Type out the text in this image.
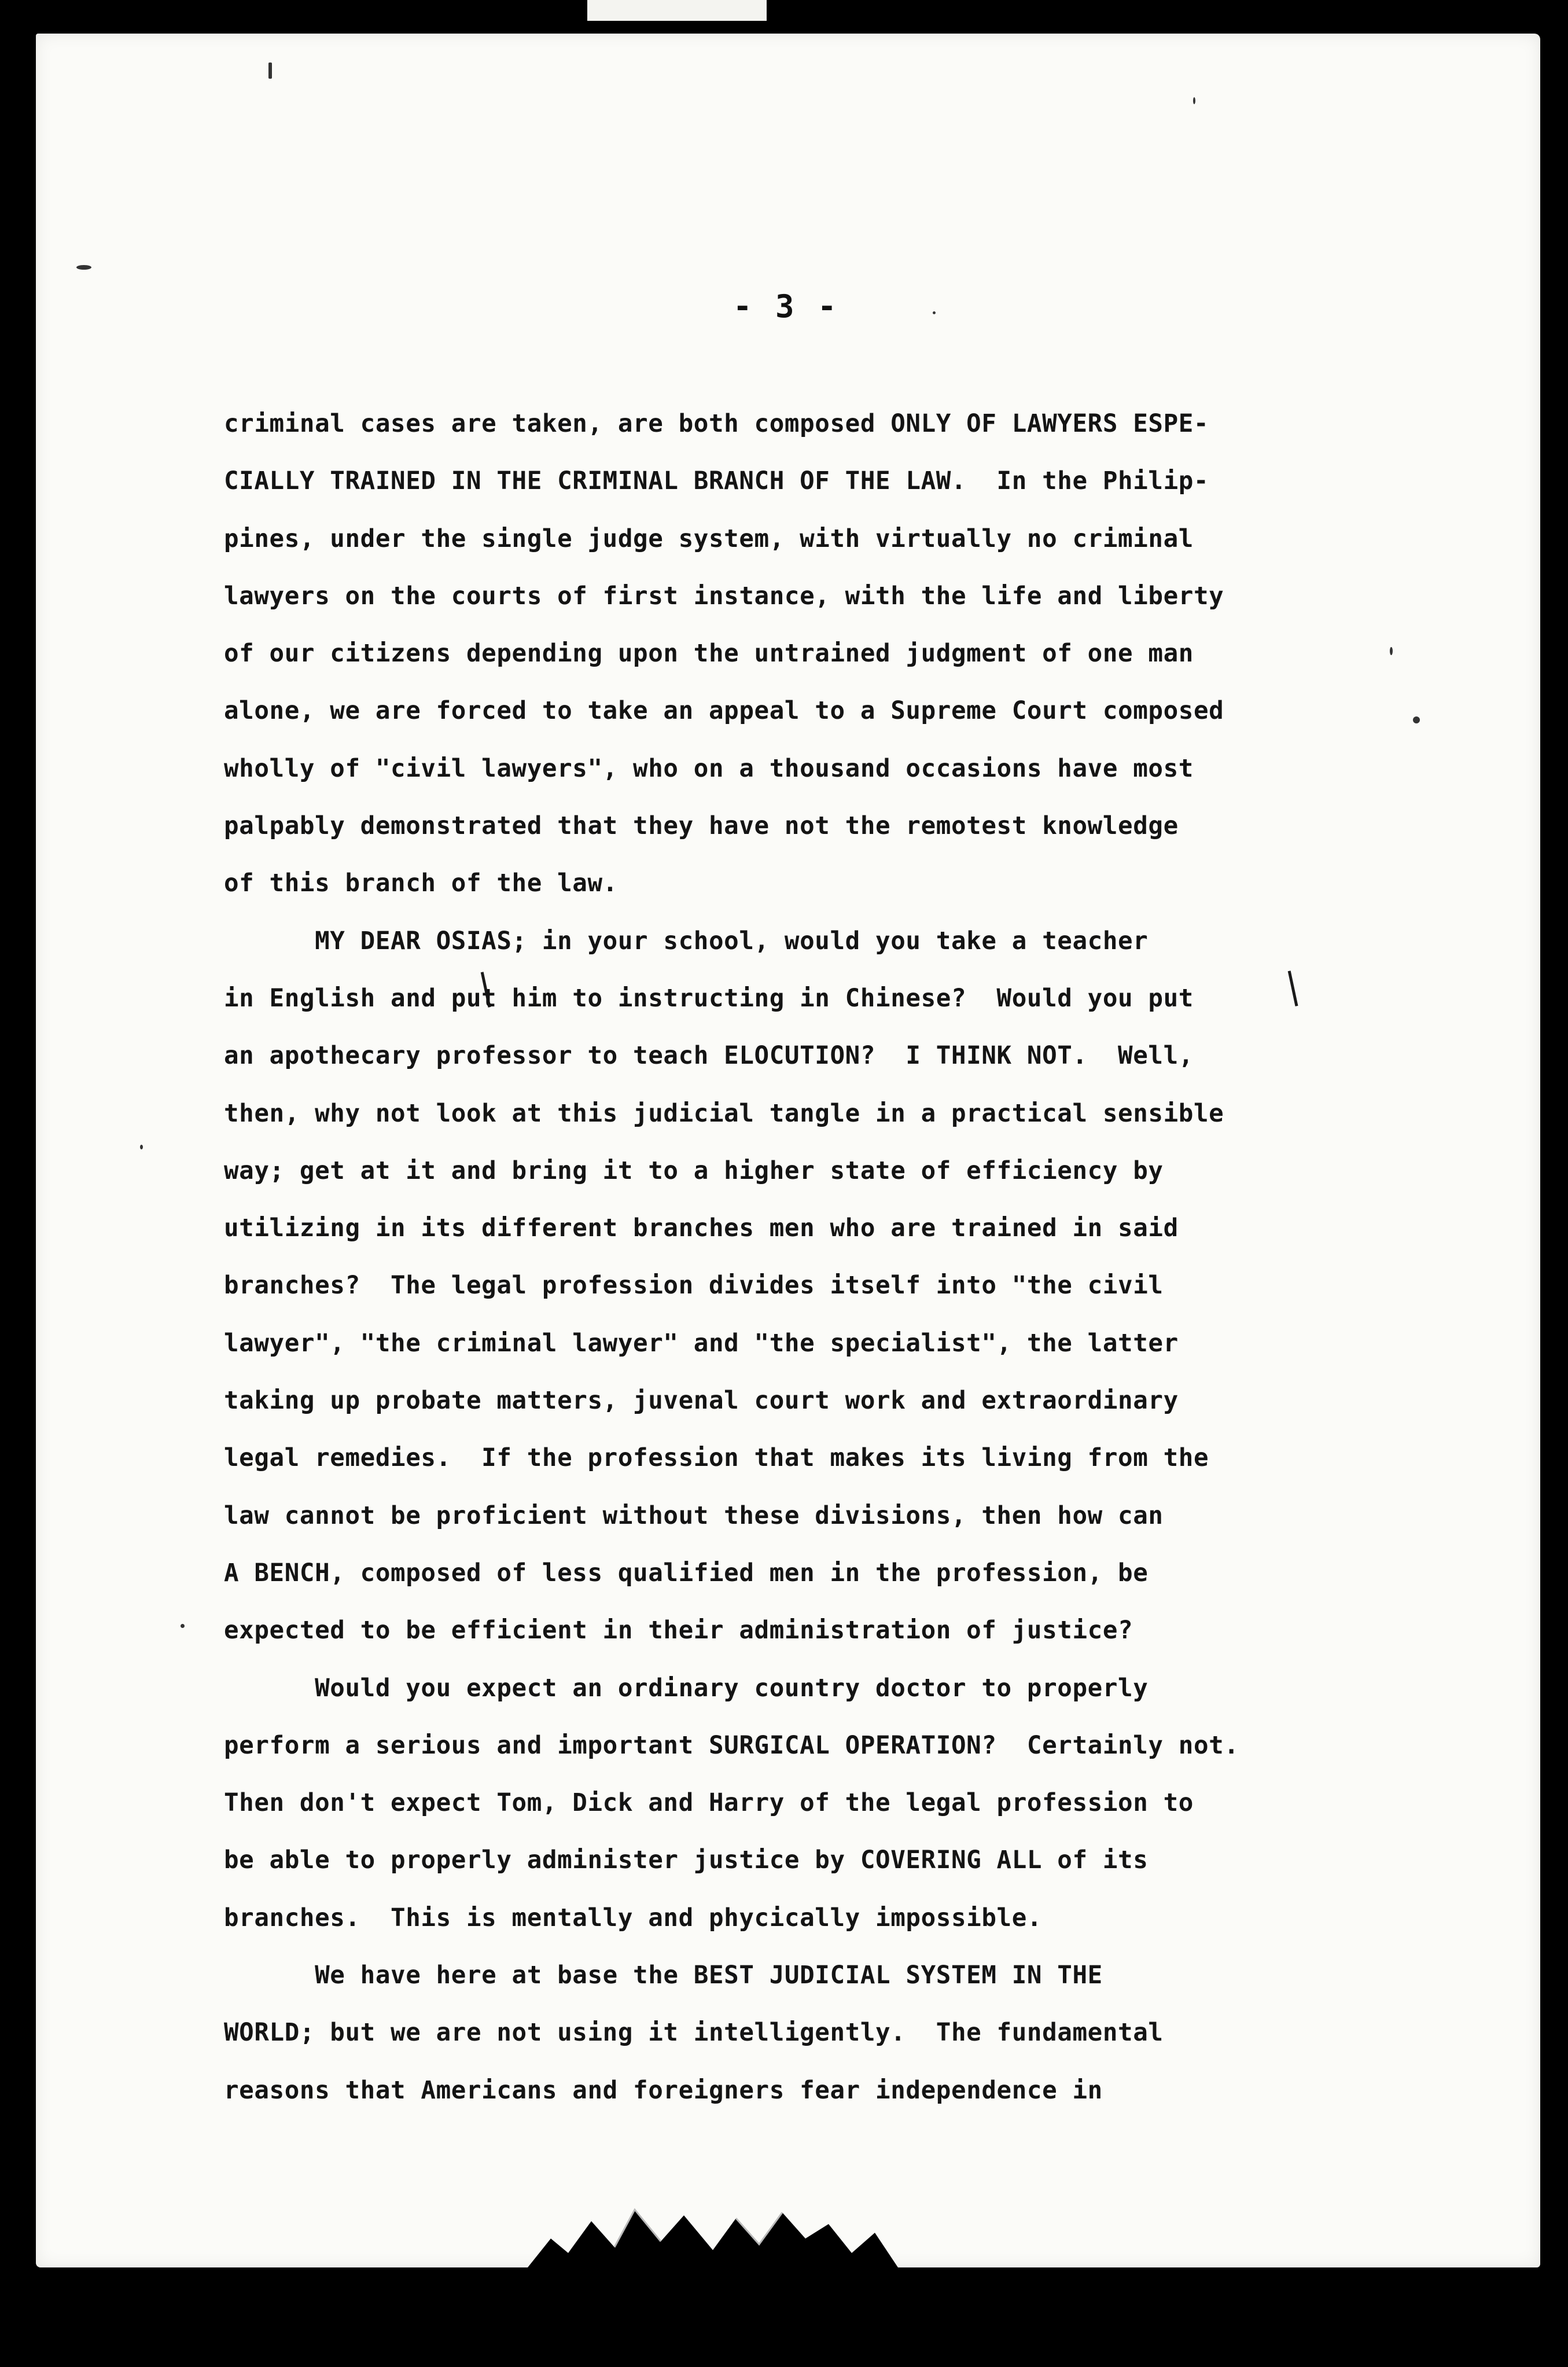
- 3 -
criminal cases are taken, are both composed ONLY OF LAWYERS ESPE-
CIALLY TRAINED IN THE CRIMINAL BRANCH OF THE LAW.  In the Philip-
pines, under the single judge system, with virtually no criminal
lawyers on the courts of first instance, with the life and liberty
of our citizens depending upon the untrained judgment of one man
alone, we are forced to take an appeal to a Supreme Court composed
wholly of "civil lawyers", who on a thousand occasions have most
palpably demonstrated that they have not the remotest knowledge
of this branch of the law.
MY DEAR OSIAS; in your school, would you take a teacher
in English and put him to instructing in Chinese?  Would you put
an apothecary professor to teach ELOCUTION?  I THINK NOT.  Well,
then, why not look at this judicial tangle in a practical sensible
way; get at it and bring it to a higher state of efficiency by
utilizing in its different branches men who are trained in said
branches?  The legal profession divides itself into "the civil
lawyer", "the criminal lawyer" and "the specialist", the latter
taking up probate matters, juvenal court work and extraordinary
legal remedies.  If the profession that makes its living from the
law cannot be proficient without these divisions, then how can
A BENCH, composed of less qualified men in the profession, be
expected to be efficient in their administration of justice?
Would you expect an ordinary country doctor to properly
perform a serious and important SURGICAL OPERATION?  Certainly not.
Then don't expect Tom, Dick and Harry of the legal profession to
be able to properly administer justice by COVERING ALL of its
branches.  This is mentally and phycically impossible.
We have here at base the BEST JUDICIAL SYSTEM IN THE
WORLD; but we are not using it intelligently.  The fundamental
reasons that Americans and foreigners fear independence in
